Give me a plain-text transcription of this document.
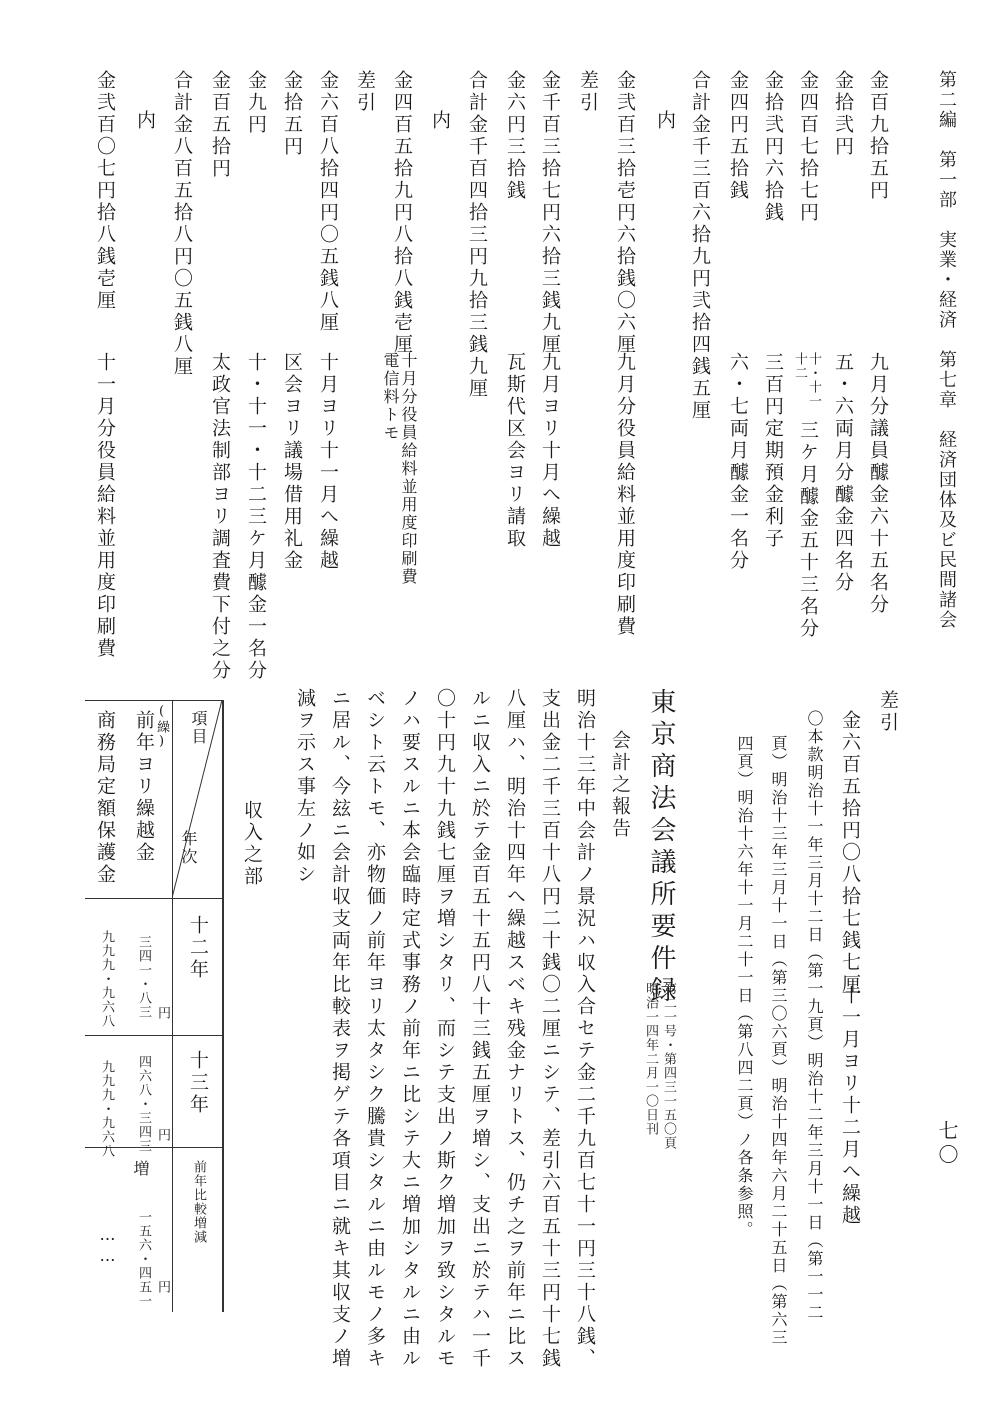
第二編　第一部　実業・経済　第七章　経済団体及ビ民間諸会
七〇
金百九拾五円
金拾弐円
金四百七拾七円
金拾弐円六拾銭
金四円五拾銭
合計金千三百六拾九円弐拾四銭五厘
内
金弐百三拾壱円六拾銭〇六厘
差引
金千百三拾七円六拾三銭九厘
金六円三拾銭
合計金千百四拾三円九拾三銭九厘
内
金四百五拾九円八拾八銭壱厘
差引
金六百八拾四円〇五銭八厘
金拾五円
金九円
金百五拾円
合計金八百五拾八円〇五銭八厘
内
金弐百〇七円拾八銭壱厘
九月分議員醵金六十五名分
五・六両月分醵金四名分
十・十一
十二
三ケ月醵金五十三名分
三百円定期預金利子
六・七両月醵金一名分
九月分役員給料並用度印刷費
九月ヨリ十月へ繰越
瓦斯代区会ヨリ請取
十月分役員給料並用度印刷費
電信料トモ
十月ヨリ十一月へ繰越
区会ヨリ議場借用礼金
十・十一・十二三ケ月醵金一名分
太政官法制部ヨリ調査費下付之分
十一月分役員給料並用度印刷費
差引
金六百五拾円〇八拾七銭七厘
十一月ヨリ十二月へ繰越
〇本款明治十一年三月十二日（第一九頁）明治十二年三月十一日（第一一二
頁）明治十三年三月十一日（第三〇六頁）明治十四年六月二十五日（第六三
四頁）明治十六年十一月二十一日（第八四二頁）ノ各条参照。
東京商法会議所要件録
第二一号・第四三一五〇頁
明治一四年二月一〇日刊
会計之報告
明治十三年中会計ノ景況ハ収入合セテ金二千九百七十一円三十八銭、
支出金二千三百十八円二十銭〇二厘ニシテ、差引六百五十三円十七銭
八厘ハ、明治十四年へ繰越スベキ残金ナリトス、仍チ之ヲ前年ニ比ス
ルニ収入ニ於テ金百五十五円八十三銭五厘ヲ増シ、支出ニ於テハ一千
〇十円九十九銭七厘ヲ増シタリ、而シテ支出ノ斯ク増加ヲ致シタルモ
ノハ要スルニ本会臨時定式事務ノ前年ニ比シテ大ニ増加シタルニ由ル
ベシト云トモ、亦物価ノ前年ヨリ太タシク騰貴シタルニ由ルモノ多キ
ニ居ル、今玆ニ会計収支両年比較表ヲ掲ゲテ各項目ニ就キ其収支ノ増
減ヲ示ス事左ノ如シ
収入之部
項目
年次
十二年
十三年
前年比較増減
(繰)
前年ヨリ繰越金
円
三四一・八三
円
四六八・三四三
増
円
一五六・四五一
商務局定額保護金
九九九・九六八
九九九・九六八
……
